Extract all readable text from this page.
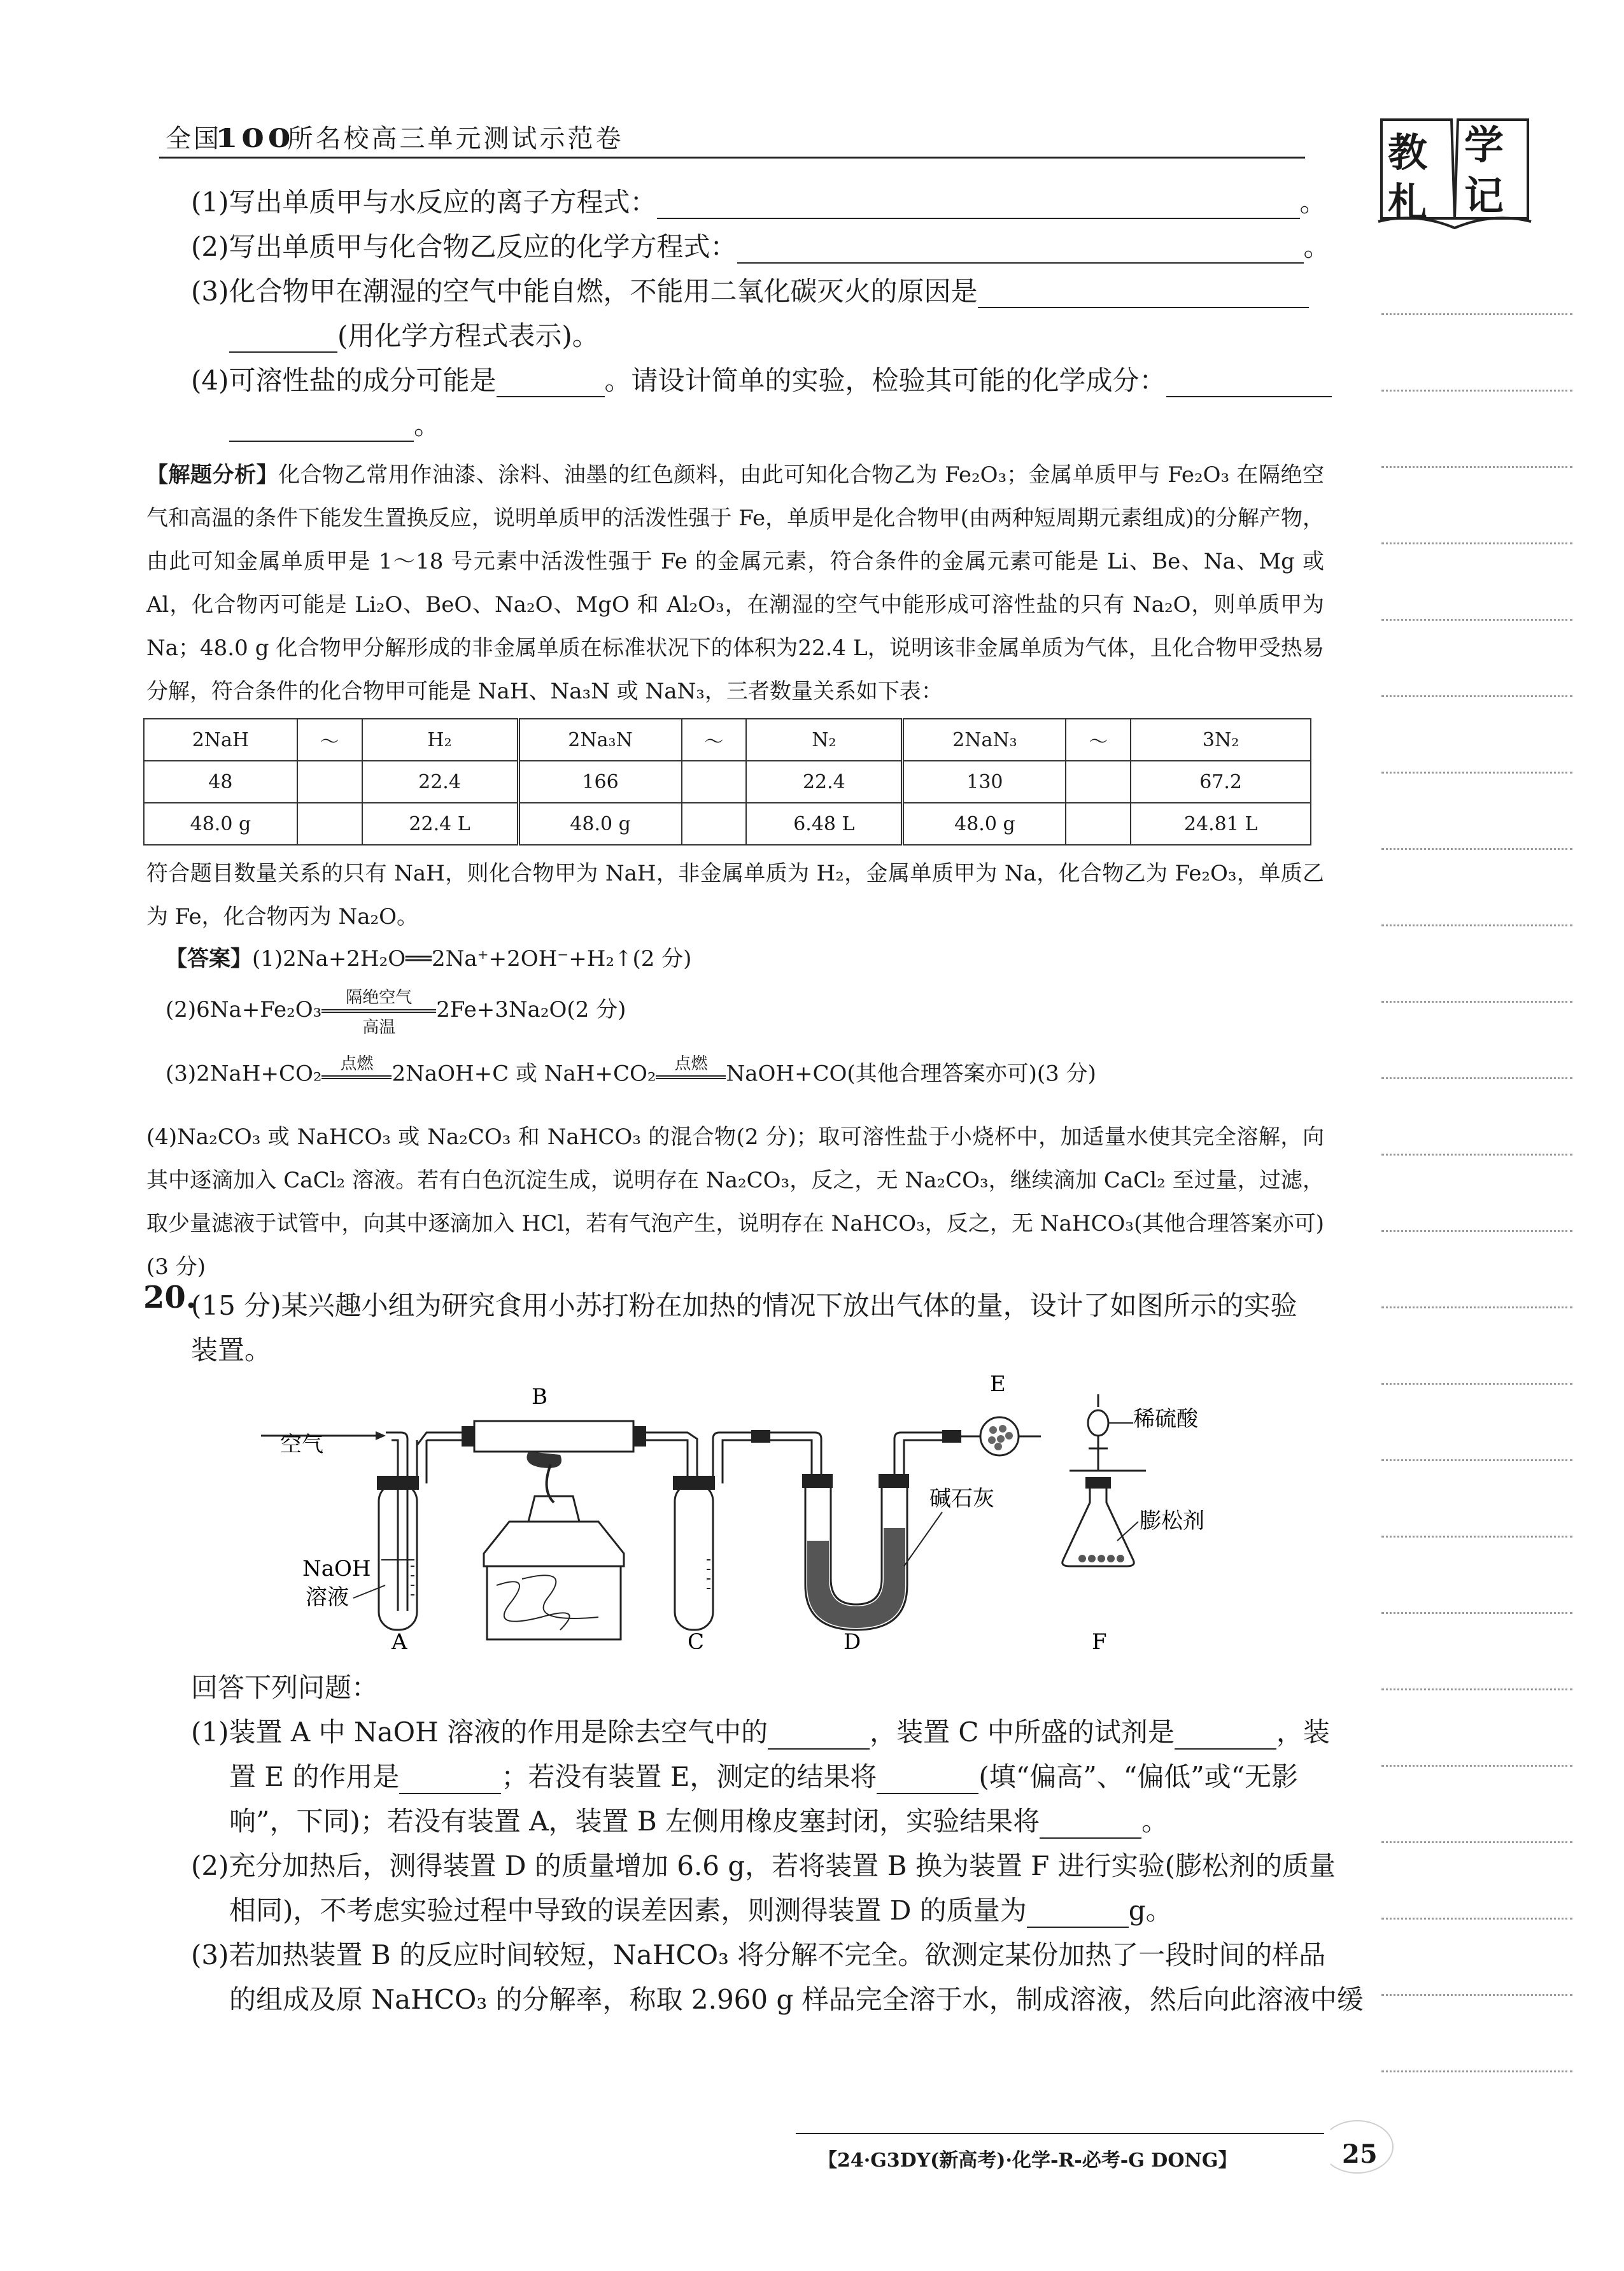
全国100所名校高三单元测试示范卷	教 学
札 记
(1)写出单质甲与水反应的离子方程式：	。
(2)写出单质甲与化合物乙反应的化学方程式：	。
(3)化合物甲在潮湿的空气中能自燃，不能用二氧化碳灭火的原因是
(用化学方程式表示)。
(4)可溶性盐的成分可能是	。请设计简单的实验，检验其可能的化学成分：
。
【解题分析】化合物乙常用作油漆、涂料、油墨的红色颜料，由此可知化合物乙为 Fe₂O₃；金属单质甲与 Fe₂O₃ 在隔绝空气和高温的条件下能发生置换反应，说明单质甲的活泼性强于 Fe，单质甲是化合物甲(由两种短周期元素组成)的分解产物，由此可知金属单质甲是 1～18 号元素中活泼性强于 Fe 的金属元素，符合条件的金属元素可能是 Li、Be、Na、Mg 或 Al，化合物丙可能是 Li₂O、BeO、Na₂O、MgO 和 Al₂O₃，在潮湿的空气中能形成可溶性盐的只有 Na₂O，则单质甲为 Na；48.0 g 化合物甲分解形成的非金属单质在标准状况下的体积为22.4 L，说明该非金属单质为气体，且化合物甲受热易分解，符合条件的化合物甲可能是 NaH、Na₃N 或 NaN₃，三者数量关系如下表：
2NaH	～	H₂	2Na₃N	～	N₂	2NaN₃	～	3N₂
48		22.4	166		22.4	130		67.2
48.0 g		22.4 L	48.0 g		6.48 L	48.0 g		24.81 L
符合题目数量关系的只有 NaH，则化合物甲为 NaH，非金属单质为 H₂，金属单质甲为 Na，化合物乙为 Fe₂O₃，单质乙为 Fe，化合物丙为 Na₂O。
【答案】(1)2Na+2H₂O══2Na⁺+2OH⁻+H₂↑(2 分)
(2)6Na+Fe₂O₃	隔绝空气
高温
2Fe+3Na₂O(2 分)
(3)2NaH+CO₂	点燃
2NaOH+C 或 NaH+CO₂	点燃
NaOH+CO(其他合理答案亦可)(3 分)
(4)Na₂CO₃ 或 NaHCO₃ 或 Na₂CO₃ 和 NaHCO₃ 的混合物(2 分)；取可溶性盐于小烧杯中，加适量水使其完全溶解，向其中逐滴加入 CaCl₂ 溶液。若有白色沉淀生成，说明存在 Na₂CO₃，反之，无 Na₂CO₃，继续滴加 CaCl₂ 至过量，过滤，取少量滤液于试管中，向其中逐滴加入 HCl，若有气泡产生，说明存在 NaHCO₃，反之，无 NaHCO₃(其他合理答案亦可)(3 分)
20.
(15 分)某兴趣小组为研究食用小苏打粉在加热的情况下放出气体的量，设计了如图所示的实验
装置。
空气
NaOH
溶液
B
碱石灰
E
稀硫酸
膨松剂
A	C	D	F
回答下列问题：
(1)装置 A 中 NaOH 溶液的作用是除去空气中的	，装置 C 中所盛的试剂是	，装
置 E 的作用是	；若没有装置 E，测定的结果将	(填“偏高”、“偏低”或“无影
响”，下同)；若没有装置 A，装置 B 左侧用橡皮塞封闭，实验结果将	。
(2)充分加热后，测得装置 D 的质量增加 6.6 g，若将装置 B 换为装置 F 进行实验(膨松剂的质量
相同)，不考虑实验过程中导致的误差因素，则测得装置 D 的质量为	g。
(3)若加热装置 B 的反应时间较短，NaHCO₃ 将分解不完全。欲测定某份加热了一段时间的样品
的组成及原 NaHCO₃ 的分解率，称取 2.960 g 样品完全溶于水，制成溶液，然后向此溶液中缓
【24·G3DY(新高考)·化学-R-必考-G DONG】	25
